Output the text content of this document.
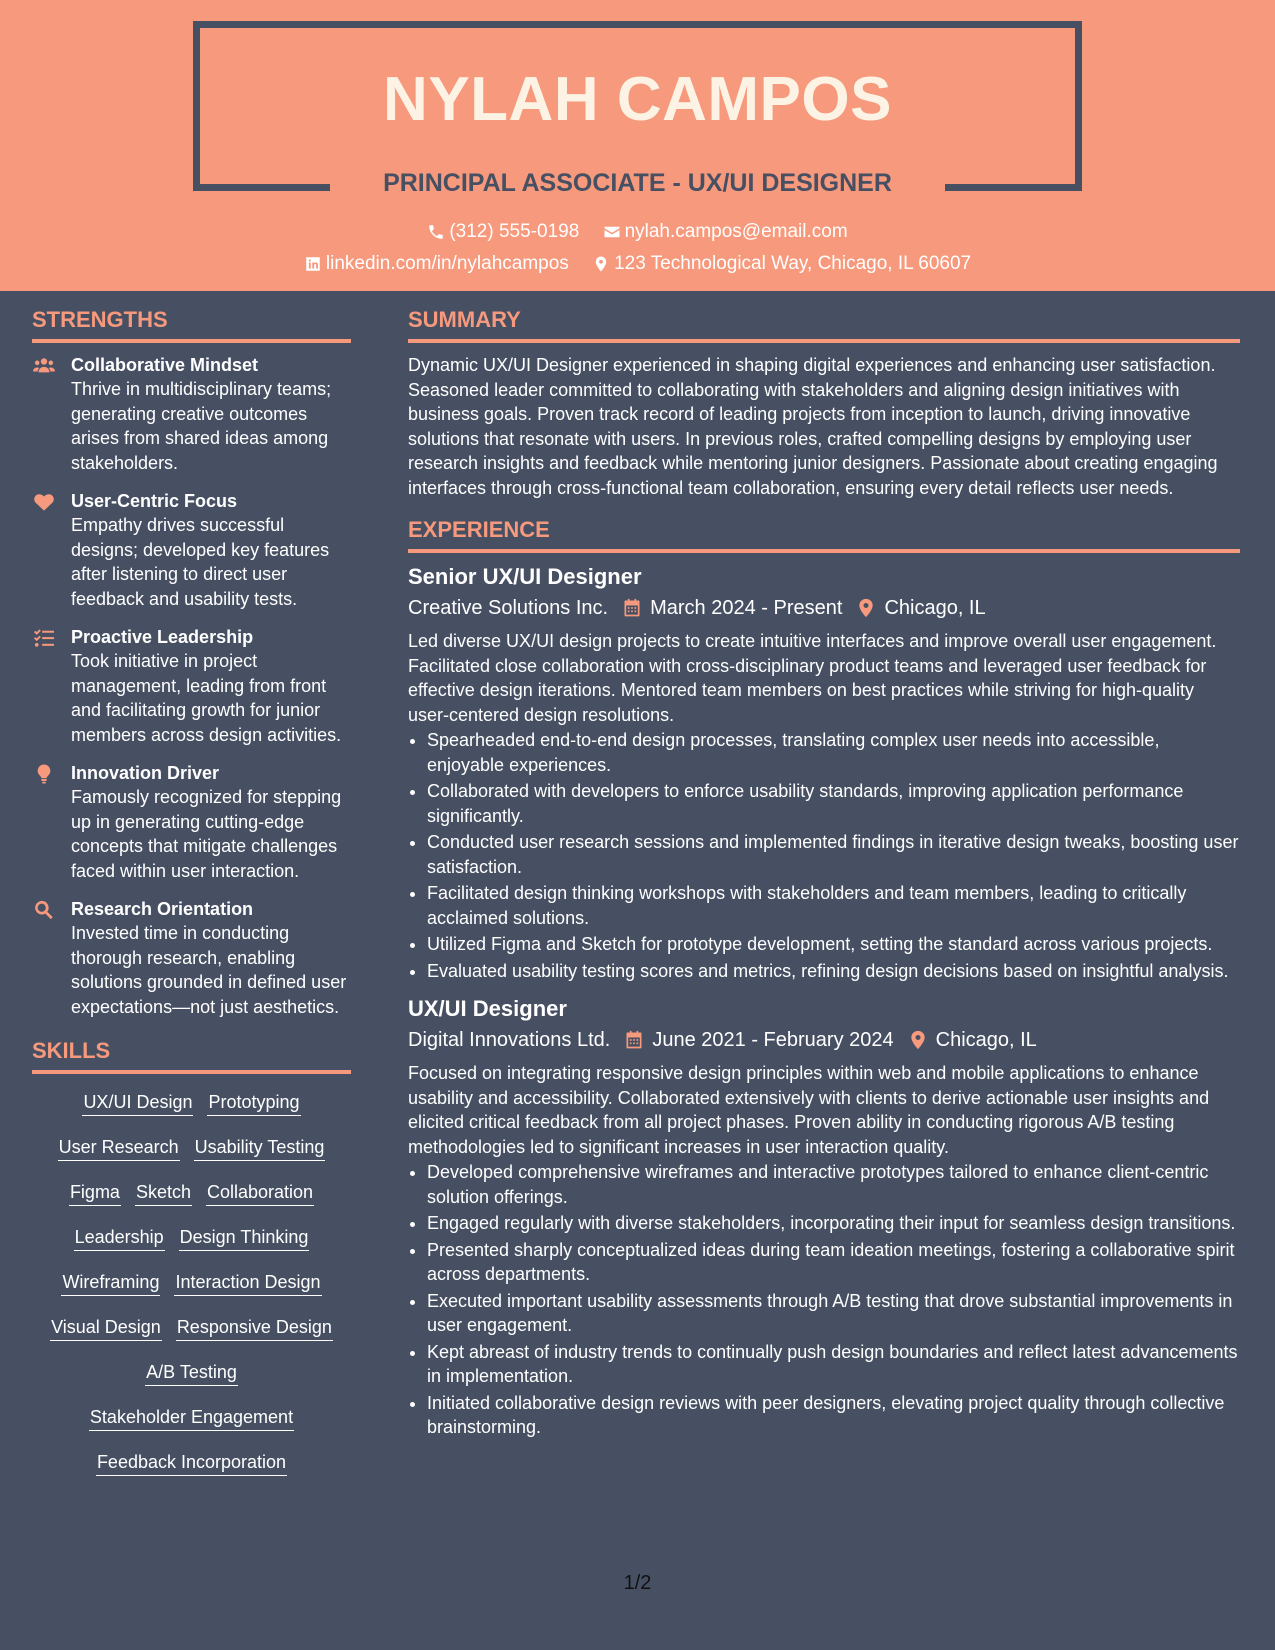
NYLAH CAMPOS
PRINCIPAL ASSOCIATE - UX/UI DESIGNER
(312) 555-0198
nylah.campos@email.com
linkedin.com/in/nylahcampos
123 Technological Way, Chicago, IL 60607
STRENGTHS
Collaborative Mindset
Thrive in multidisciplinary teams; generating creative outcomes arises from shared ideas among stakeholders.
User-Centric Focus
Empathy drives successful designs; developed key features after listening to direct user feedback and usability tests.
Proactive Leadership
Took initiative in project management, leading from front and facilitating growth for junior members across design activities.
Innovation Driver
Famously recognized for stepping up in generating cutting-edge concepts that mitigate challenges faced within user interaction.
Research Orientation
Invested time in conducting thorough research, enabling solutions grounded in defined user expectations—not just aesthetics.
SKILLS
UX/UI Design Prototyping
User Research Usability Testing
Figma Sketch Collaboration
Leadership Design Thinking
Wireframing Interaction Design
Visual Design Responsive Design
A/B Testing
Stakeholder Engagement
Feedback Incorporation
SUMMARY
Dynamic UX/UI Designer experienced in shaping digital experiences and enhancing user satisfaction. Seasoned leader committed to collaborating with stakeholders and aligning design initiatives with business goals. Proven track record of leading projects from inception to launch, driving innovative solutions that resonate with users. In previous roles, crafted compelling designs by employing user research insights and feedback while mentoring junior designers. Passionate about creating engaging interfaces through cross-functional team collaboration, ensuring every detail reflects user needs.
EXPERIENCE
Senior UX/UI Designer
Creative Solutions Inc. March 2024 - Present Chicago, IL
Led diverse UX/UI design projects to create intuitive interfaces and improve overall user engagement. Facilitated close collaboration with cross-disciplinary product teams and leveraged user feedback for effective design iterations. Mentored team members on best practices while striving for high-quality user-centered design resolutions.
• Spearheaded end-to-end design processes, translating complex user needs into accessible, enjoyable experiences.
• Collaborated with developers to enforce usability standards, improving application performance significantly.
• Conducted user research sessions and implemented findings in iterative design tweaks, boosting user satisfaction.
• Facilitated design thinking workshops with stakeholders and team members, leading to critically acclaimed solutions.
• Utilized Figma and Sketch for prototype development, setting the standard across various projects.
• Evaluated usability testing scores and metrics, refining design decisions based on insightful analysis.
UX/UI Designer
Digital Innovations Ltd. June 2021 - February 2024 Chicago, IL
Focused on integrating responsive design principles within web and mobile applications to enhance usability and accessibility. Collaborated extensively with clients to derive actionable user insights and elicited critical feedback from all project phases. Proven ability in conducting rigorous A/B testing methodologies led to significant increases in user interaction quality.
• Developed comprehensive wireframes and interactive prototypes tailored to enhance client-centric solution offerings.
• Engaged regularly with diverse stakeholders, incorporating their input for seamless design transitions.
• Presented sharply conceptualized ideas during team ideation meetings, fostering a collaborative spirit across departments.
• Executed important usability assessments through A/B testing that drove substantial improvements in user engagement.
• Kept abreast of industry trends to continually push design boundaries and reflect latest advancements in implementation.
• Initiated collaborative design reviews with peer designers, elevating project quality through collective brainstorming.
1/2
